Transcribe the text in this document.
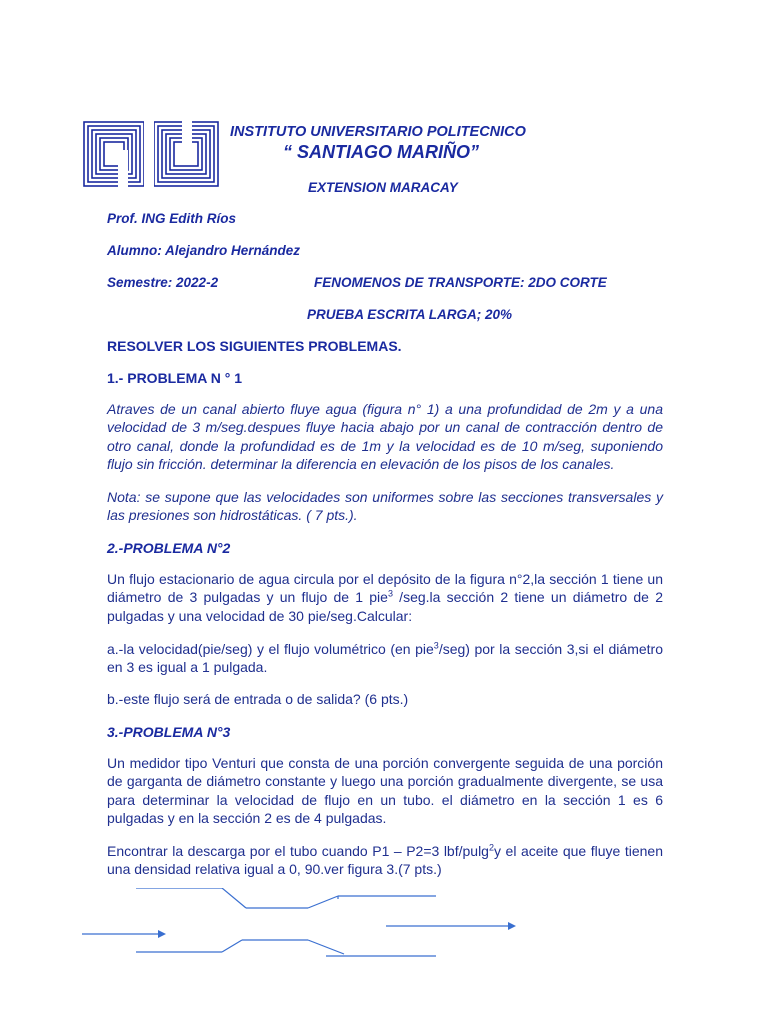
INSTITUTO UNIVERSITARIO POLITECNICO
“ SANTIAGO MARIÑO”
EXTENSION MARACAY
Prof. ING Edith Ríos
Alumno: Alejandro Hernández
Semestre: 2022-2	FENOMENOS DE TRANSPORTE: 2DO CORTE
PRUEBA ESCRITA LARGA; 20%
RESOLVER LOS SIGUIENTES PROBLEMAS.
1.- PROBLEMA N ° 1

Atraves de un canal abierto fluye agua (figura n° 1) a una profundidad de 2m y a una velocidad de 3 m/seg.despues fluye hacia abajo por un canal de contracción dentro de otro canal, donde la profundidad es de 1m y la velocidad es de 10 m/seg, suponiendo flujo sin fricción. determinar la diferencia en elevación de los pisos de los canales.

Nota: se supone que las velocidades son uniformes sobre las secciones transversales y las presiones son hidrostáticas. ( 7 pts.).

2.-PROBLEMA N°2

Un flujo estacionario de agua circula por el depósito de la figura n°2,la sección 1 tiene un diámetro de 3 pulgadas y un flujo de 1 pie$^3$ /seg.la sección 2 tiene un diámetro de 2 pulgadas y una velocidad de 30 pie/seg.Calcular:

a.-la velocidad(pie/seg) y el flujo volumétrico (en pie$^3$/seg) por la sección 3,si el diámetro en 3 es igual a 1 pulgada.

b.-este flujo será de entrada o de salida? (6 pts.)

3.-PROBLEMA N°3

Un medidor tipo Venturi que consta de una porción convergente seguida de una porción de garganta de diámetro constante y luego una porción gradualmente divergente, se usa para determinar la velocidad de flujo en un tubo. el diámetro en la sección 1 es 6 pulgadas y en la sección 2 es de 4 pulgadas.

Encontrar la descarga por el tubo cuando P1 – P2=3 lbf/pulg$^2$y el aceite que fluye tienen una densidad relativa igual a 0, 90.ver figura 3.(7 pts.)
